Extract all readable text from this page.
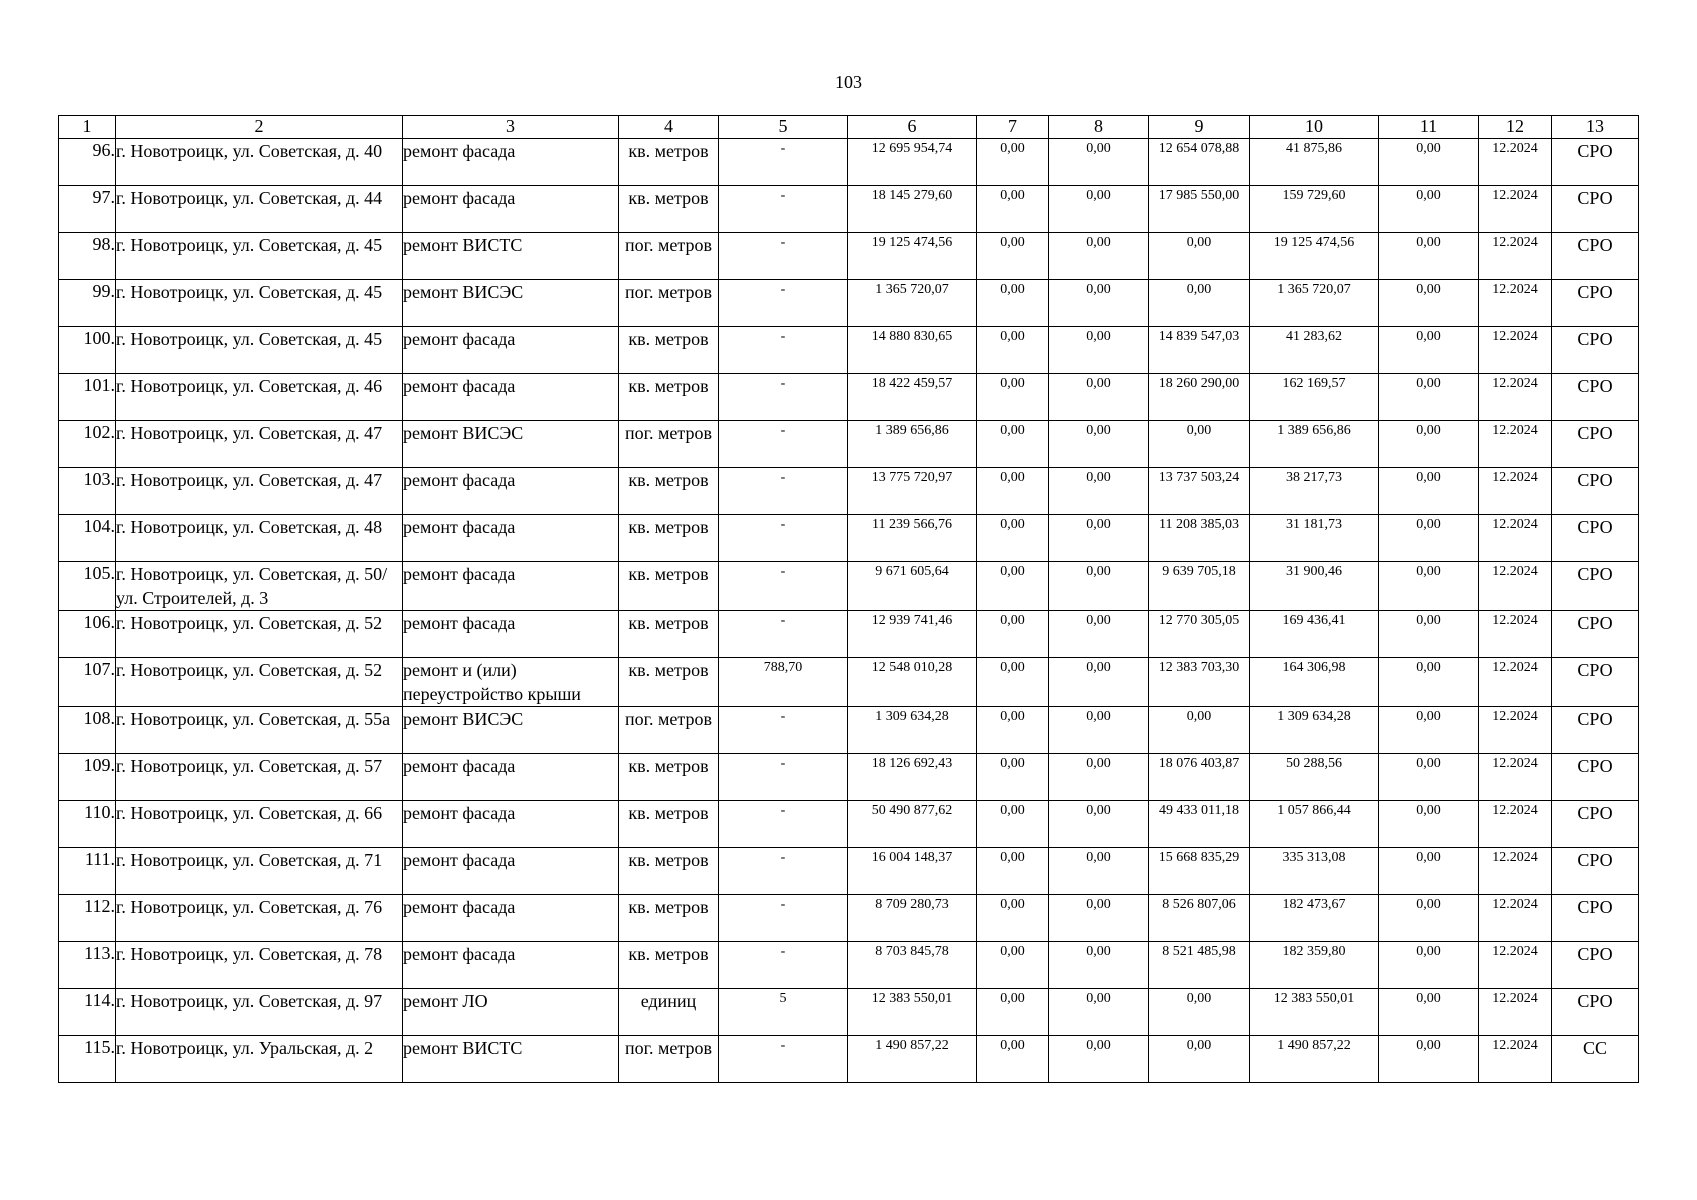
103
1	2	3	4	5	6	7	8	9	10	11	12	13
96.	г. Новотроицк, ул. Советская, д. 40	ремонт фасада	кв. метров	-	12 695 954,74	0,00	0,00	12 654 078,88	41 875,86	0,00	12.2024	СРО
97.	г. Новотроицк, ул. Советская, д. 44	ремонт фасада	кв. метров	-	18 145 279,60	0,00	0,00	17 985 550,00	159 729,60	0,00	12.2024	СРО
98.	г. Новотроицк, ул. Советская, д. 45	ремонт ВИСТС	пог. метров	-	19 125 474,56	0,00	0,00	0,00	19 125 474,56	0,00	12.2024	СРО
99.	г. Новотроицк, ул. Советская, д. 45	ремонт ВИСЭС	пог. метров	-	1 365 720,07	0,00	0,00	0,00	1 365 720,07	0,00	12.2024	СРО
100.	г. Новотроицк, ул. Советская, д. 45	ремонт фасада	кв. метров	-	14 880 830,65	0,00	0,00	14 839 547,03	41 283,62	0,00	12.2024	СРО
101.	г. Новотроицк, ул. Советская, д. 46	ремонт фасада	кв. метров	-	18 422 459,57	0,00	0,00	18 260 290,00	162 169,57	0,00	12.2024	СРО
102.	г. Новотроицк, ул. Советская, д. 47	ремонт ВИСЭС	пог. метров	-	1 389 656,86	0,00	0,00	0,00	1 389 656,86	0,00	12.2024	СРО
103.	г. Новотроицк, ул. Советская, д. 47	ремонт фасада	кв. метров	-	13 775 720,97	0,00	0,00	13 737 503,24	38 217,73	0,00	12.2024	СРО
104.	г. Новотроицк, ул. Советская, д. 48	ремонт фасада	кв. метров	-	11 239 566,76	0,00	0,00	11 208 385,03	31 181,73	0,00	12.2024	СРО
105.	г. Новотроицк, ул. Советская, д. 50/ул. Строителей, д. 3	ремонт фасада	кв. метров	-	9 671 605,64	0,00	0,00	9 639 705,18	31 900,46	0,00	12.2024	СРО
106.	г. Новотроицк, ул. Советская, д. 52	ремонт фасада	кв. метров	-	12 939 741,46	0,00	0,00	12 770 305,05	169 436,41	0,00	12.2024	СРО
107.	г. Новотроицк, ул. Советская, д. 52	ремонт и (или) переустройство крыши	кв. метров	788,70	12 548 010,28	0,00	0,00	12 383 703,30	164 306,98	0,00	12.2024	СРО
108.	г. Новотроицк, ул. Советская, д. 55а	ремонт ВИСЭС	пог. метров	-	1 309 634,28	0,00	0,00	0,00	1 309 634,28	0,00	12.2024	СРО
109.	г. Новотроицк, ул. Советская, д. 57	ремонт фасада	кв. метров	-	18 126 692,43	0,00	0,00	18 076 403,87	50 288,56	0,00	12.2024	СРО
110.	г. Новотроицк, ул. Советская, д. 66	ремонт фасада	кв. метров	-	50 490 877,62	0,00	0,00	49 433 011,18	1 057 866,44	0,00	12.2024	СРО
111.	г. Новотроицк, ул. Советская, д. 71	ремонт фасада	кв. метров	-	16 004 148,37	0,00	0,00	15 668 835,29	335 313,08	0,00	12.2024	СРО
112.	г. Новотроицк, ул. Советская, д. 76	ремонт фасада	кв. метров	-	8 709 280,73	0,00	0,00	8 526 807,06	182 473,67	0,00	12.2024	СРО
113.	г. Новотроицк, ул. Советская, д. 78	ремонт фасада	кв. метров	-	8 703 845,78	0,00	0,00	8 521 485,98	182 359,80	0,00	12.2024	СРО
114.	г. Новотроицк, ул. Советская, д. 97	ремонт ЛО	единиц	5	12 383 550,01	0,00	0,00	0,00	12 383 550,01	0,00	12.2024	СРО
115.	г. Новотроицк, ул. Уральская, д. 2	ремонт ВИСТС	пог. метров	-	1 490 857,22	0,00	0,00	0,00	1 490 857,22	0,00	12.2024	СС
